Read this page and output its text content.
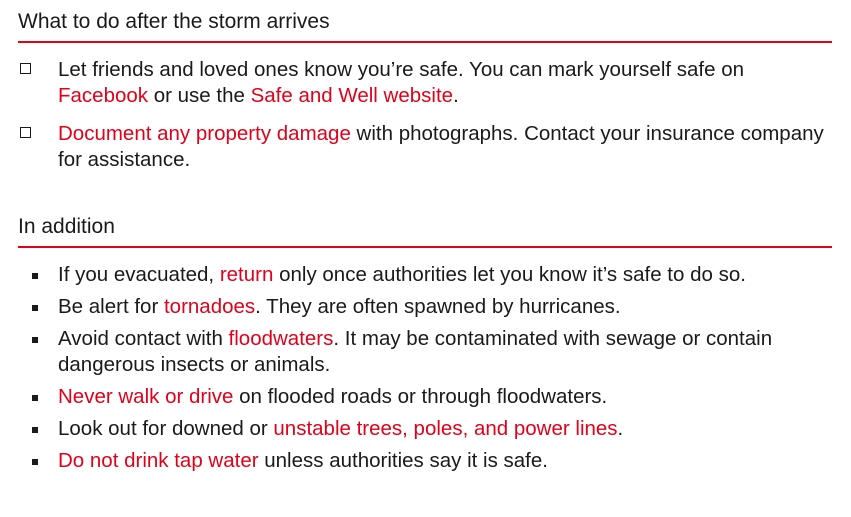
What to do after the storm arrives
Let friends and loved ones know you’re safe. You can mark yourself safe on Facebook or use the Safe and Well website.
Document any property damage with photographs. Contact your insurance company for assistance.
In addition
If you evacuated, return only once authorities let you know it’s safe to do so.
Be alert for tornadoes. They are often spawned by hurricanes.
Avoid contact with floodwaters. It may be contaminated with sewage or contain dangerous insects or animals.
Never walk or drive on flooded roads or through floodwaters.
Look out for downed or unstable trees, poles, and power lines.
Do not drink tap water unless authorities say it is safe.
